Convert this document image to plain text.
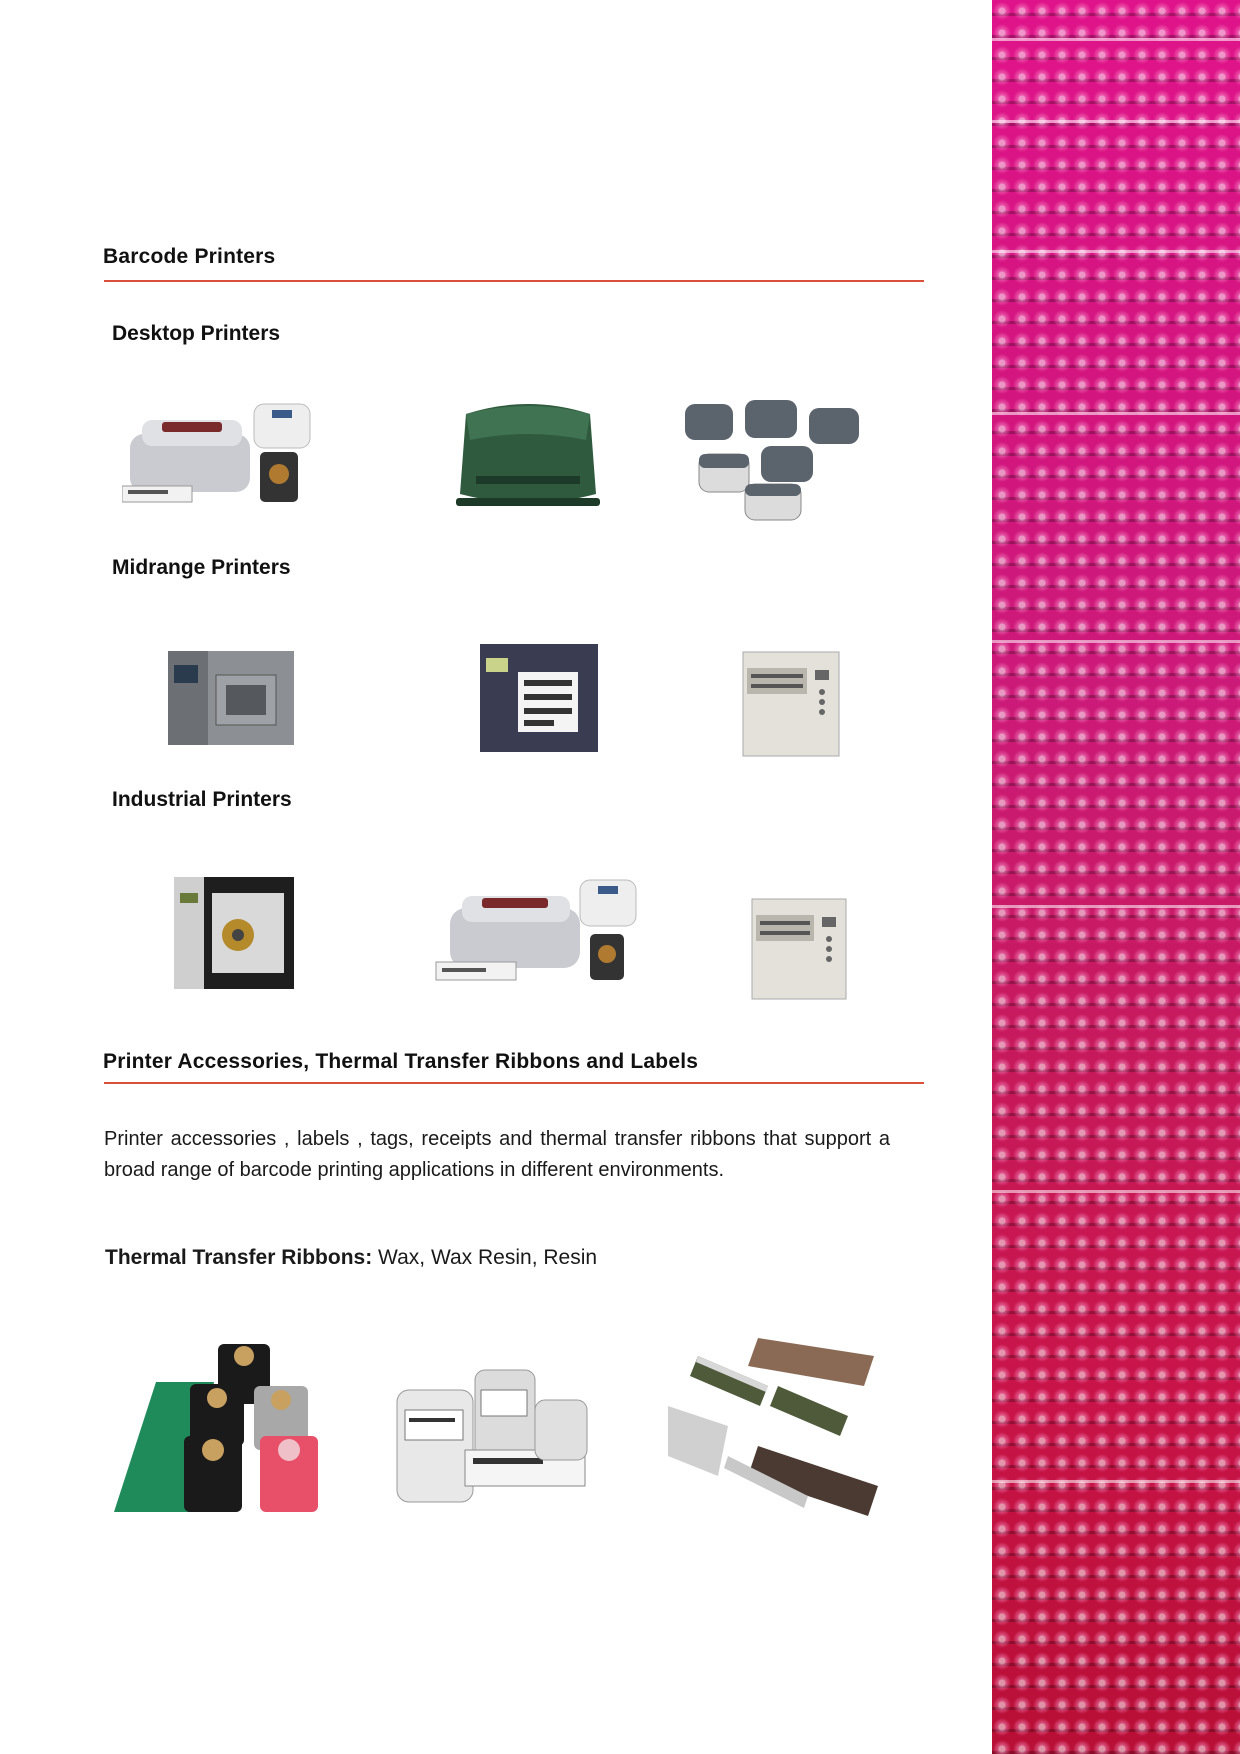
Barcode Printers
Desktop Printers
Midrange Printers
Industrial Printers
Printer Accessories, Thermal Transfer Ribbons and Labels

Printer accessories , labels , tags, receipts and thermal transfer ribbons that support a broad range of barcode printing applications in different environments.

Thermal Transfer Ribbons: Wax, Wax Resin, Resin
